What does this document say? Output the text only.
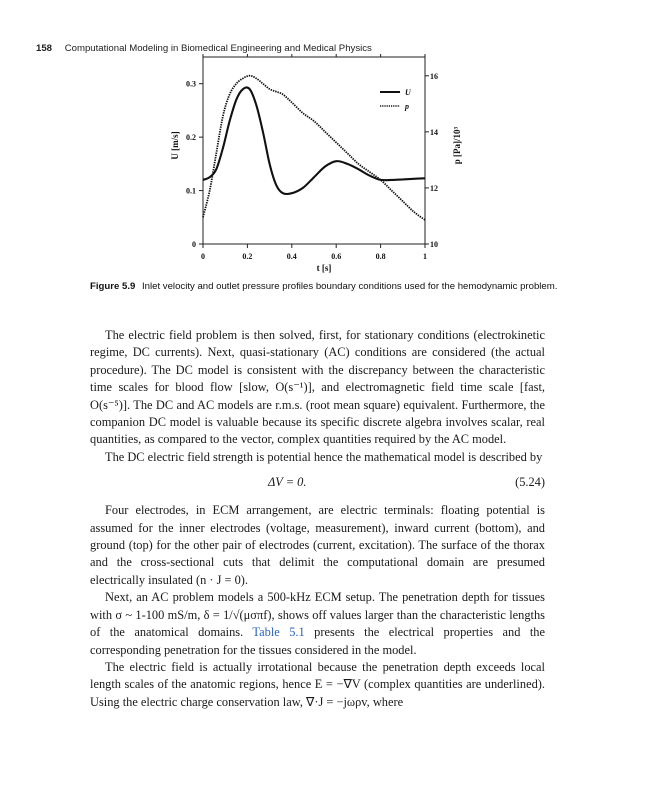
158 Computational Modeling in Biomedical Engineering and Medical Physics
0	0.2	0.4	0.6	0.8	1
0
0.1
0.2
0.3
10
12
14
16
U
p
t [s]
U [m/s]	p [Pa]/10³
Figure 5.9 Inlet velocity and outlet pressure profiles boundary conditions used for the hemodynamic problem.

The electric field problem is then solved, first, for stationary conditions (electrokinetic regime, DC currents). Next, quasi-stationary (AC) conditions are considered (the actual procedure). The DC model is consistent with the discrepancy between the characteristic time scales for blood flow [slow, O(s⁻¹)], and electromagnetic field time scale [fast, O(s⁻⁵)]. The DC and AC models are r.m.s. (root mean square) equivalent. Furthermore, the companion DC model is valuable because its specific discrete algebra involves scalar, real quantities, as compared to the vector, complex quantities required by the AC model.

The DC electric field strength is potential hence the mathematical model is described by

ΔV = 0.	(5.24)

Four electrodes, in ECM arrangement, are electric terminals: floating potential is assumed for the inner electrodes (voltage, measurement), inward current (bottom), and ground (top) for the other pair of electrodes (current, excitation). The surface of the thorax and the cross-sectional cuts that delimit the computational domain are presumed electrically insulated (n · J = 0).

Next, an AC problem models a 500-kHz ECM setup. The penetration depth for tissues with σ ~ 1-100 mS/m, δ = 1/√(μσπf), shows off values larger than the characteristic lengths of the anatomical domains. Table 5.1 presents the electrical properties and the corresponding penetration for the tissues considered in the model.

The electric field is actually irrotational because the penetration depth exceeds local length scales of the anatomic regions, hence E = −∇V (complex quantities are underlined). Using the electric charge conservation law, ∇·J = −jωρv, where
